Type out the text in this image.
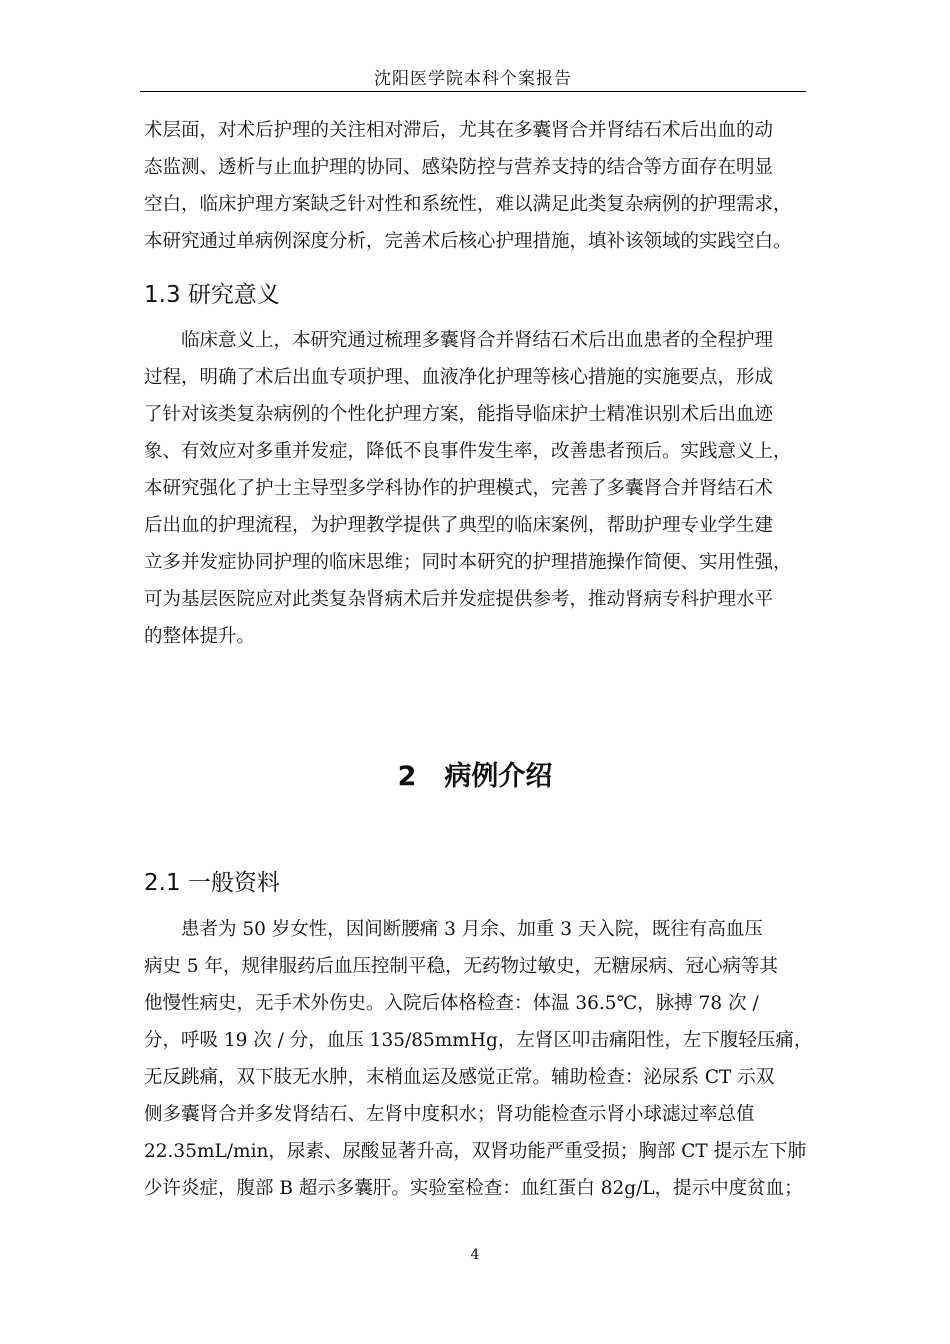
沈阳医学院本科个案报告

术层面，对术后护理的关注相对滞后，尤其在多囊肾合并肾结石术后出血的动
态监测、透析与止血护理的协同、感染防控与营养支持的结合等方面存在明显
空白，临床护理方案缺乏针对性和系统性，难以满足此类复杂病例的护理需求，
本研究通过单病例深度分析，完善术后核心护理措施，填补该领域的实践空白。

1.3 研究意义

　　临床意义上，本研究通过梳理多囊肾合并肾结石术后出血患者的全程护理
过程，明确了术后出血专项护理、血液净化护理等核心措施的实施要点，形成
了针对该类复杂病例的个性化护理方案，能指导临床护士精准识别术后出血迹
象、有效应对多重并发症，降低不良事件发生率，改善患者预后。实践意义上，
本研究强化了护士主导型多学科协作的护理模式，完善了多囊肾合并肾结石术
后出血的护理流程，为护理教学提供了典型的临床案例，帮助护理专业学生建
立多并发症协同护理的临床思维；同时本研究的护理措施操作简便、实用性强，
可为基层医院应对此类复杂肾病术后并发症提供参考，推动肾病专科护理水平
的整体提升。

2 病例介绍
2.1 一般资料

　　患者为 50 岁女性，因间断腰痛 3 月余、加重 3 天入院，既往有高血压
病史 5 年，规律服药后血压控制平稳，无药物过敏史，无糖尿病、冠心病等其
他慢性病史，无手术外伤史。入院后体格检查：体温 36.5℃，脉搏 78 次 /
分，呼吸 19 次 / 分，血压 135/85mmHg，左肾区叩击痛阳性，左下腹轻压痛，
无反跳痛，双下肢无水肿，末梢血运及感觉正常。辅助检查：泌尿系 CT 示双
侧多囊肾合并多发肾结石、左肾中度积水；肾功能检查示肾小球滤过率总值
22.35mL/min，尿素、尿酸显著升高，双肾功能严重受损；胸部 CT 提示左下肺
少许炎症，腹部 B 超示多囊肝。实验室检查：血红蛋白 82g/L，提示中度贫血；

4
